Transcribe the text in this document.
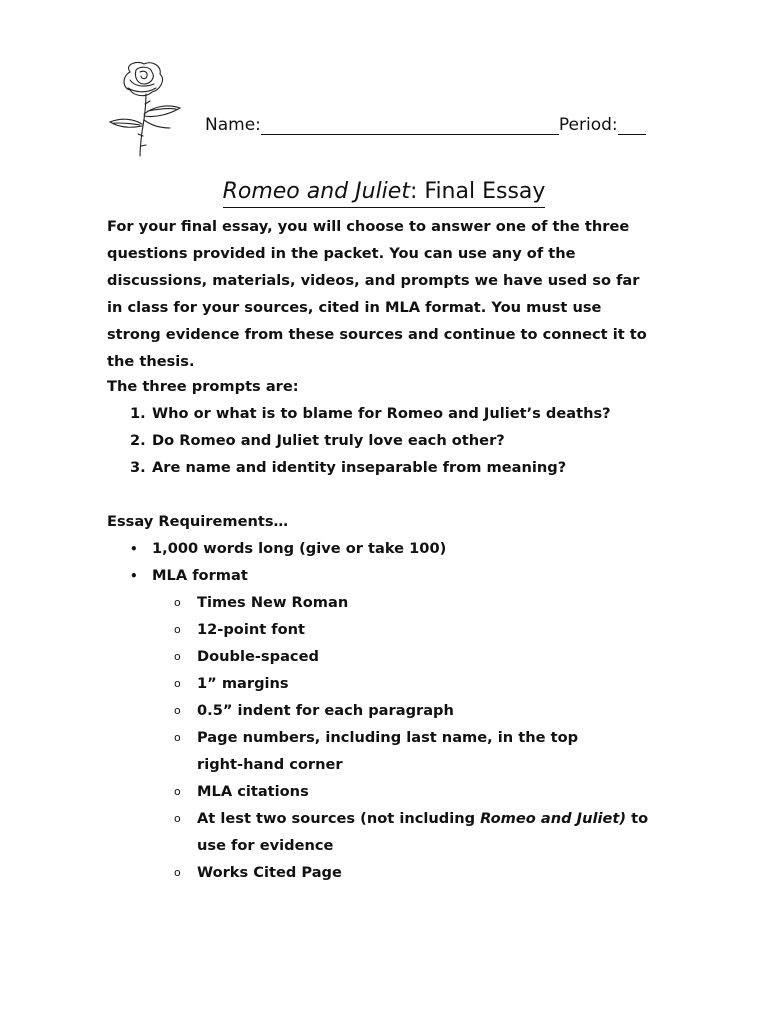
Name:	Period:
Romeo and Juliet: Final Essay
For your final essay, you will choose to answer one of the three questions provided in the packet. You can use any of the discussions, materials, videos, and prompts we have used so far in class for your sources, cited in MLA format. You must use strong evidence from these sources and continue to connect it to the thesis.
The three prompts are:
1. Who or what is to blame for Romeo and Juliet’s deaths?
2. Do Romeo and Juliet truly love each other?
3. Are name and identity inseparable from meaning?
Essay Requirements…
• 1,000 words long (give or take 100)
• MLA format
o Times New Roman
o 12-point font
o Double-spaced
o 1” margins
o 0.5” indent for each paragraph
o Page numbers, including last name, in the top right-hand corner
o MLA citations
o At lest two sources (not including Romeo and Juliet) to use for evidence
o Works Cited Page
